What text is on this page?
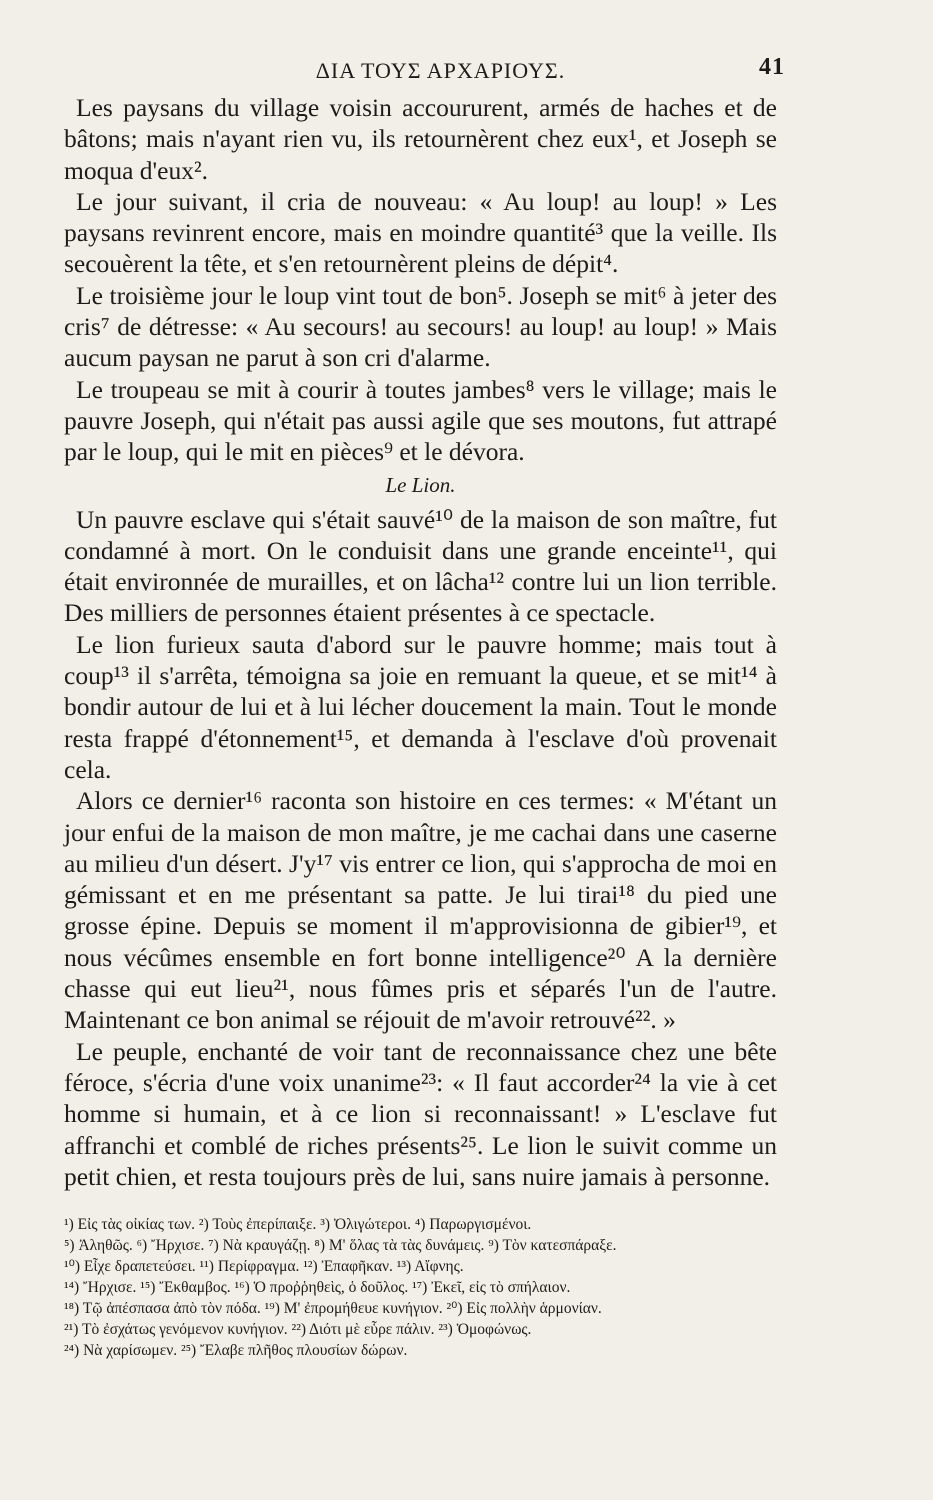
ΔΙΑ ΤΟΥΣ ΑΡΧΑΡΙΟΥΣ.	41

Les paysans du village voisin accoururent, armés de haches et de bâtons; mais n'ayant rien vu, ils retournèrent chez eux¹, et Joseph se moqua d'eux².

Le jour suivant, il cria de nouveau: « Au loup! au loup! » Les paysans revinrent encore, mais en moindre quantité³ que la veille. Ils secouèrent la tête, et s'en retournèrent pleins de dépit⁴.

Le troisième jour le loup vint tout de bon⁵. Joseph se mit⁶ à jeter des cris⁷ de détresse: « Au secours! au secours! au loup! au loup! » Mais aucum paysan ne parut à son cri d'alarme.

Le troupeau se mit à courir à toutes jambes⁸ vers le village; mais le pauvre Joseph, qui n'était pas aussi agile que ses moutons, fut attrapé par le loup, qui le mit en pièces⁹ et le dévora.

Le Lion.

Un pauvre esclave qui s'était sauvé¹⁰ de la maison de son maître, fut condamné à mort. On le conduisit dans une grande enceinte¹¹, qui était environnée de murailles, et on lâcha¹² contre lui un lion terrible. Des milliers de personnes étaient présentes à ce spectacle.

Le lion furieux sauta d'abord sur le pauvre homme; mais tout à coup¹³ il s'arrêta, témoigna sa joie en remuant la queue, et se mit¹⁴ à bondir autour de lui et à lui lécher doucement la main. Tout le monde resta frappé d'étonnement¹⁵, et demanda à l'esclave d'où provenait cela.

Alors ce dernier¹⁶ raconta son histoire en ces termes: « M'étant un jour enfui de la maison de mon maître, je me cachai dans une caserne au milieu d'un désert. J'y¹⁷ vis entrer ce lion, qui s'approcha de moi en gémissant et en me présentant sa patte. Je lui tirai¹⁸ du pied une grosse épine. Depuis se moment il m'approvisionna de gibier¹⁹, et nous vécûmes ensemble en fort bonne intelligence²⁰ A la dernière chasse qui eut lieu²¹, nous fûmes pris et séparés l'un de l'autre. Maintenant ce bon animal se réjouit de m'avoir retrouvé²². »

Le peuple, enchanté de voir tant de reconnaissance chez une bête féroce, s'écria d'une voix unanime²³: « Il faut accorder²⁴ la vie à cet homme si humain, et à ce lion si reconnaissant! » L'esclave fut affranchi et comblé de riches présents²⁵. Le lion le suivit comme un petit chien, et resta toujours près de lui, sans nuire jamais à personne.

¹) Εἰς τὰς οἰκίας των. ²) Τοὺς ἐπερίπαιξε. ³) Ὀλιγώτεροι. ⁴) Παρωργισμένοι.
⁵) Ἀληθῶς. ⁶) Ἤρχισε. ⁷) Νὰ κραυγάζῃ. ⁸) Μ' ὅλας τὰ τὰς δυνάμεις. ⁹) Τὸν κατεσπάραξε.
¹⁰) Εἶχε δραπετεύσει. ¹¹) Περίφραγμα. ¹²) Ἐπαφῆκαν. ¹³) Αἴφνης.
¹⁴) Ἤρχισε. ¹⁵) Ἔκθαμβος. ¹⁶) Ὁ προῤῥηθεὶς, ὁ δοῦλος. ¹⁷) Ἐκεῖ, εἰς τὸ σπήλαιον.
¹⁸) Τῷ ἀπέσπασα ἀπὸ τὸν πόδα. ¹⁹) Μ' ἐπρομήθευε κυνήγιον. ²⁰) Εἰς πολλὴν ἁρμονίαν.
²¹) Τὸ ἐσχάτως γενόμενον κυνήγιον. ²²) Διότι μὲ εὗρε πάλιν. ²³) Ὁμοφώνως.
²⁴) Νὰ χαρίσωμεν. ²⁵) Ἔλαβε πλῆθος πλουσίων δώρων.
